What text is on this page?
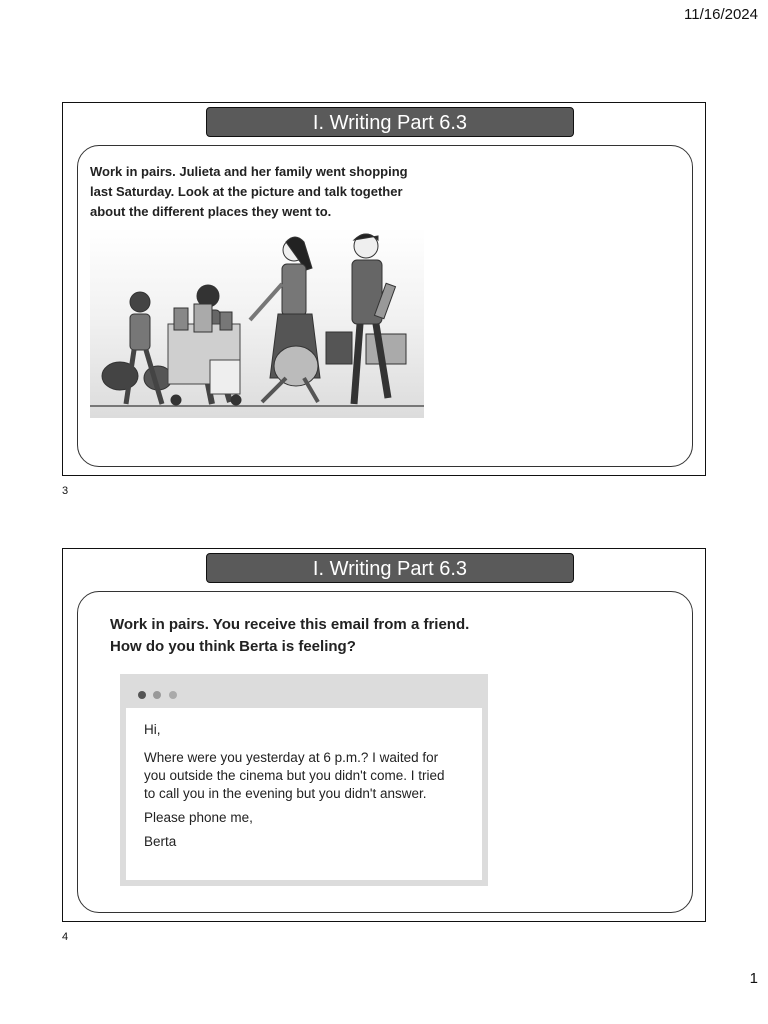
11/16/2024
I. Writing Part 6.3
Work in pairs. Julieta and her family went shopping
last Saturday. Look at the picture and talk together
about the different places they went to.
3
I. Writing Part 6.3
Work in pairs. You receive this email from a friend.
How do you think Berta is feeling?

Hi,
Where were you yesterday at 6 p.m.? I waited for
you outside the cinema but you didn't come. I tried
to call you in the evening but you didn't answer.
Please phone me,
Berta
4
1
